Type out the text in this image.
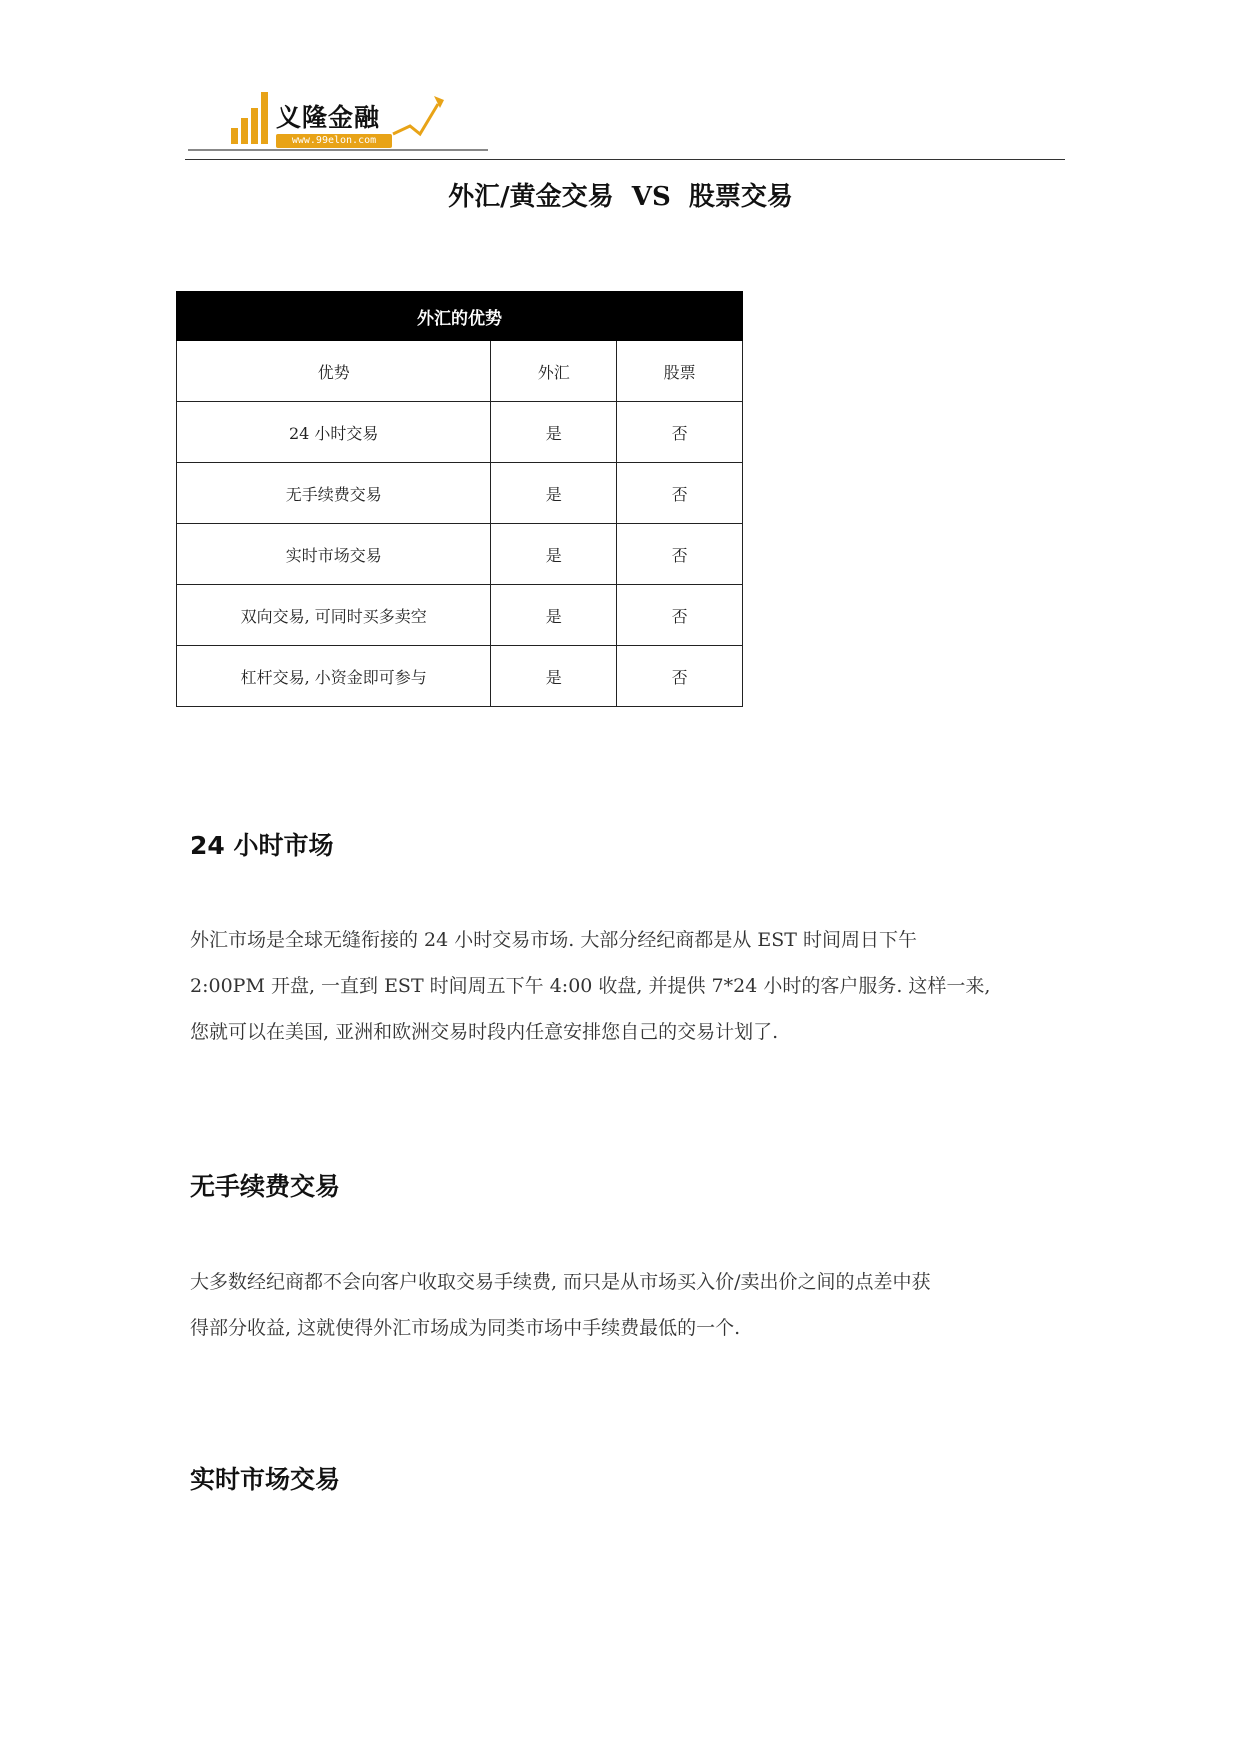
义隆金融
www.99elon.com
外汇/黄金交易  VS  股票交易
外汇的优势		
优势	外汇	股票
24 小时交易	是	否
无手续费交易	是	否
实时市场交易	是	否
双向交易, 可同时买多卖空	是	否
杠杆交易, 小资金即可参与	是	否
24 小时市场
外汇市场是全球无缝衔接的 24 小时交易市场. 大部分经纪商都是从 EST 时间周日下午
2:00PM 开盘, 一直到 EST 时间周五下午 4:00 收盘, 并提供 7*24 小时的客户服务. 这样一来,
您就可以在美国, 亚洲和欧洲交易时段内任意安排您自己的交易计划了.
无手续费交易
大多数经纪商都不会向客户收取交易手续费, 而只是从市场买入价/卖出价之间的点差中获
得部分收益, 这就使得外汇市场成为同类市场中手续费最低的一个.
实时市场交易
